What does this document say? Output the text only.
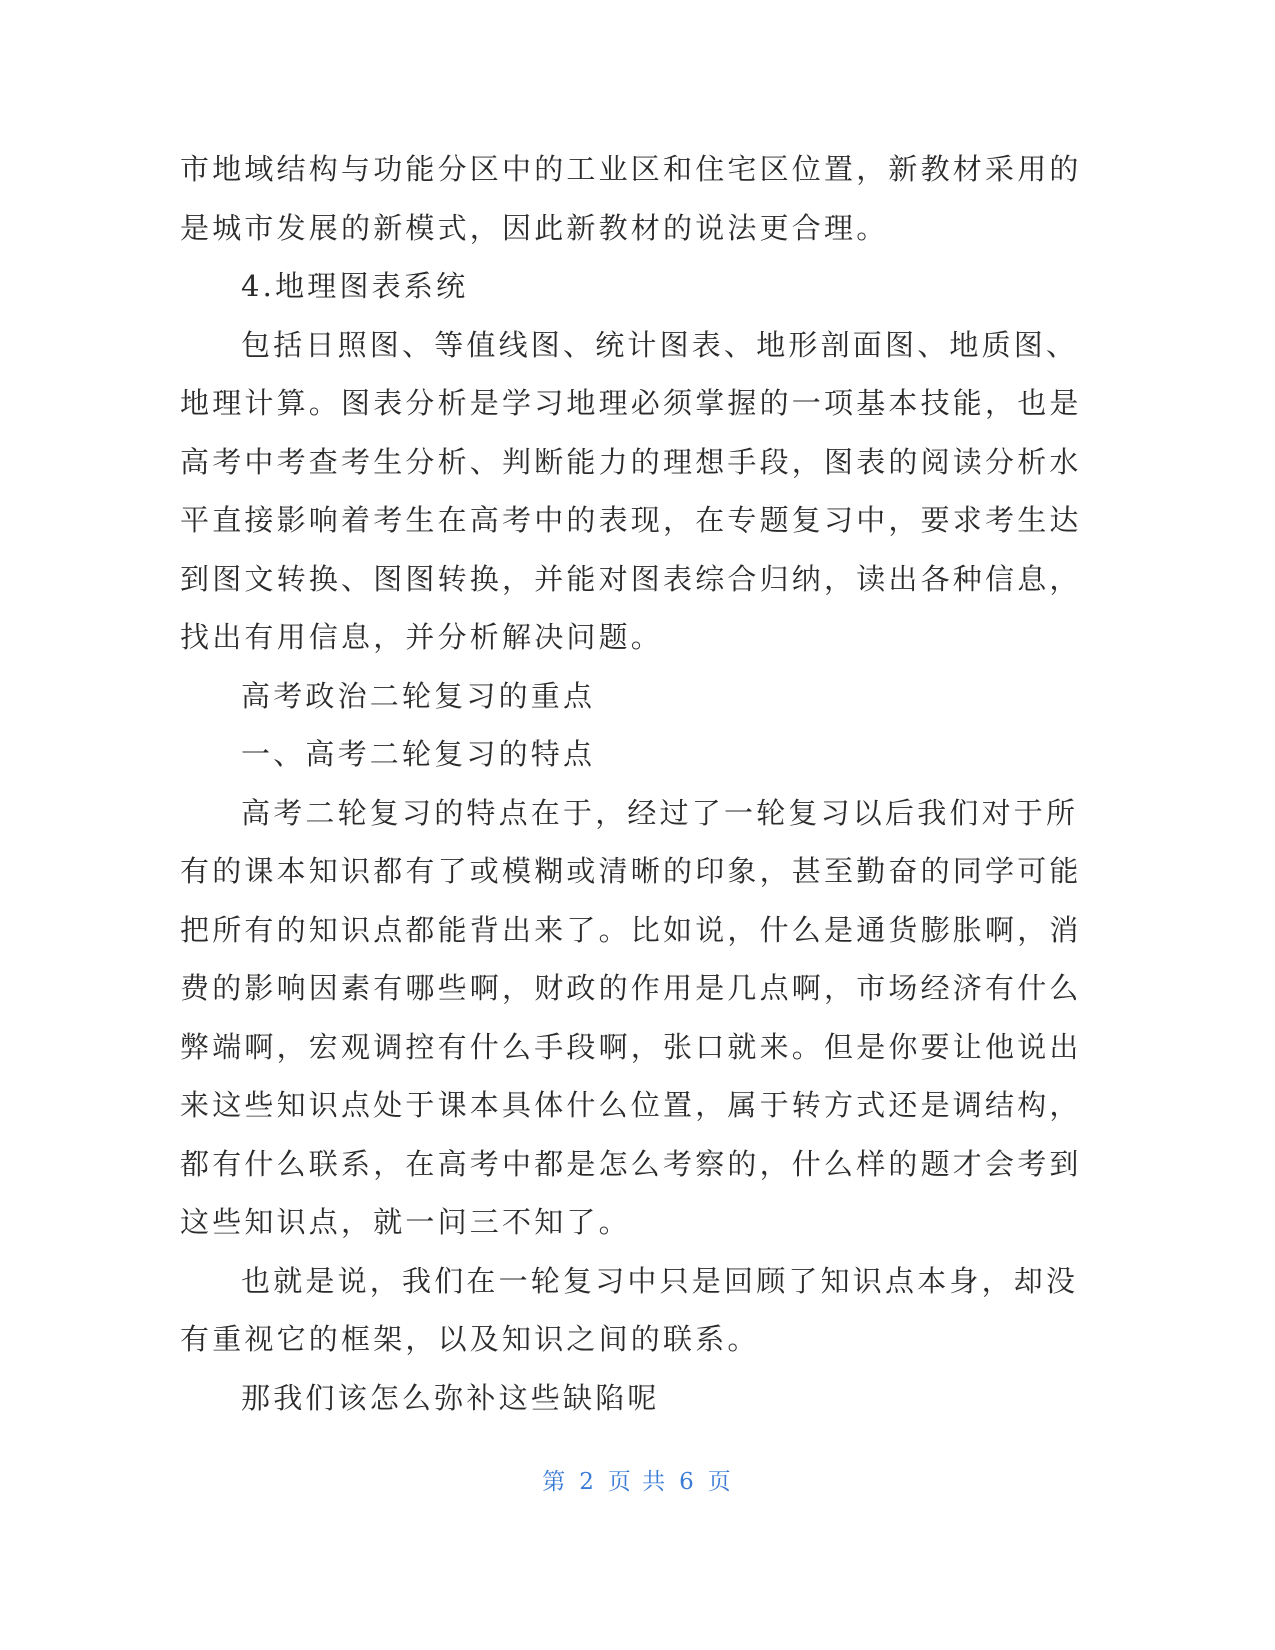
市地域结构与功能分区中的工业区和住宅区位置，新教材采用的
是城市发展的新模式，因此新教材的说法更合理。
4.地理图表系统
包括日照图、等值线图、统计图表、地形剖面图、地质图、
地理计算。图表分析是学习地理必须掌握的一项基本技能，也是
高考中考查考生分析、判断能力的理想手段，图表的阅读分析水
平直接影响着考生在高考中的表现，在专题复习中，要求考生达
到图文转换、图图转换，并能对图表综合归纳，读出各种信息，
找出有用信息，并分析解决问题。
高考政治二轮复习的重点
一、高考二轮复习的特点
高考二轮复习的特点在于，经过了一轮复习以后我们对于所
有的课本知识都有了或模糊或清晰的印象，甚至勤奋的同学可能
把所有的知识点都能背出来了。比如说，什么是通货膨胀啊，消
费的影响因素有哪些啊，财政的作用是几点啊，市场经济有什么
弊端啊，宏观调控有什么手段啊，张口就来。但是你要让他说出
来这些知识点处于课本具体什么位置，属于转方式还是调结构，
都有什么联系，在高考中都是怎么考察的，什么样的题才会考到
这些知识点，就一问三不知了。
也就是说，我们在一轮复习中只是回顾了知识点本身，却没
有重视它的框架，以及知识之间的联系。
那我们该怎么弥补这些缺陷呢
第 2 页 共 6 页
